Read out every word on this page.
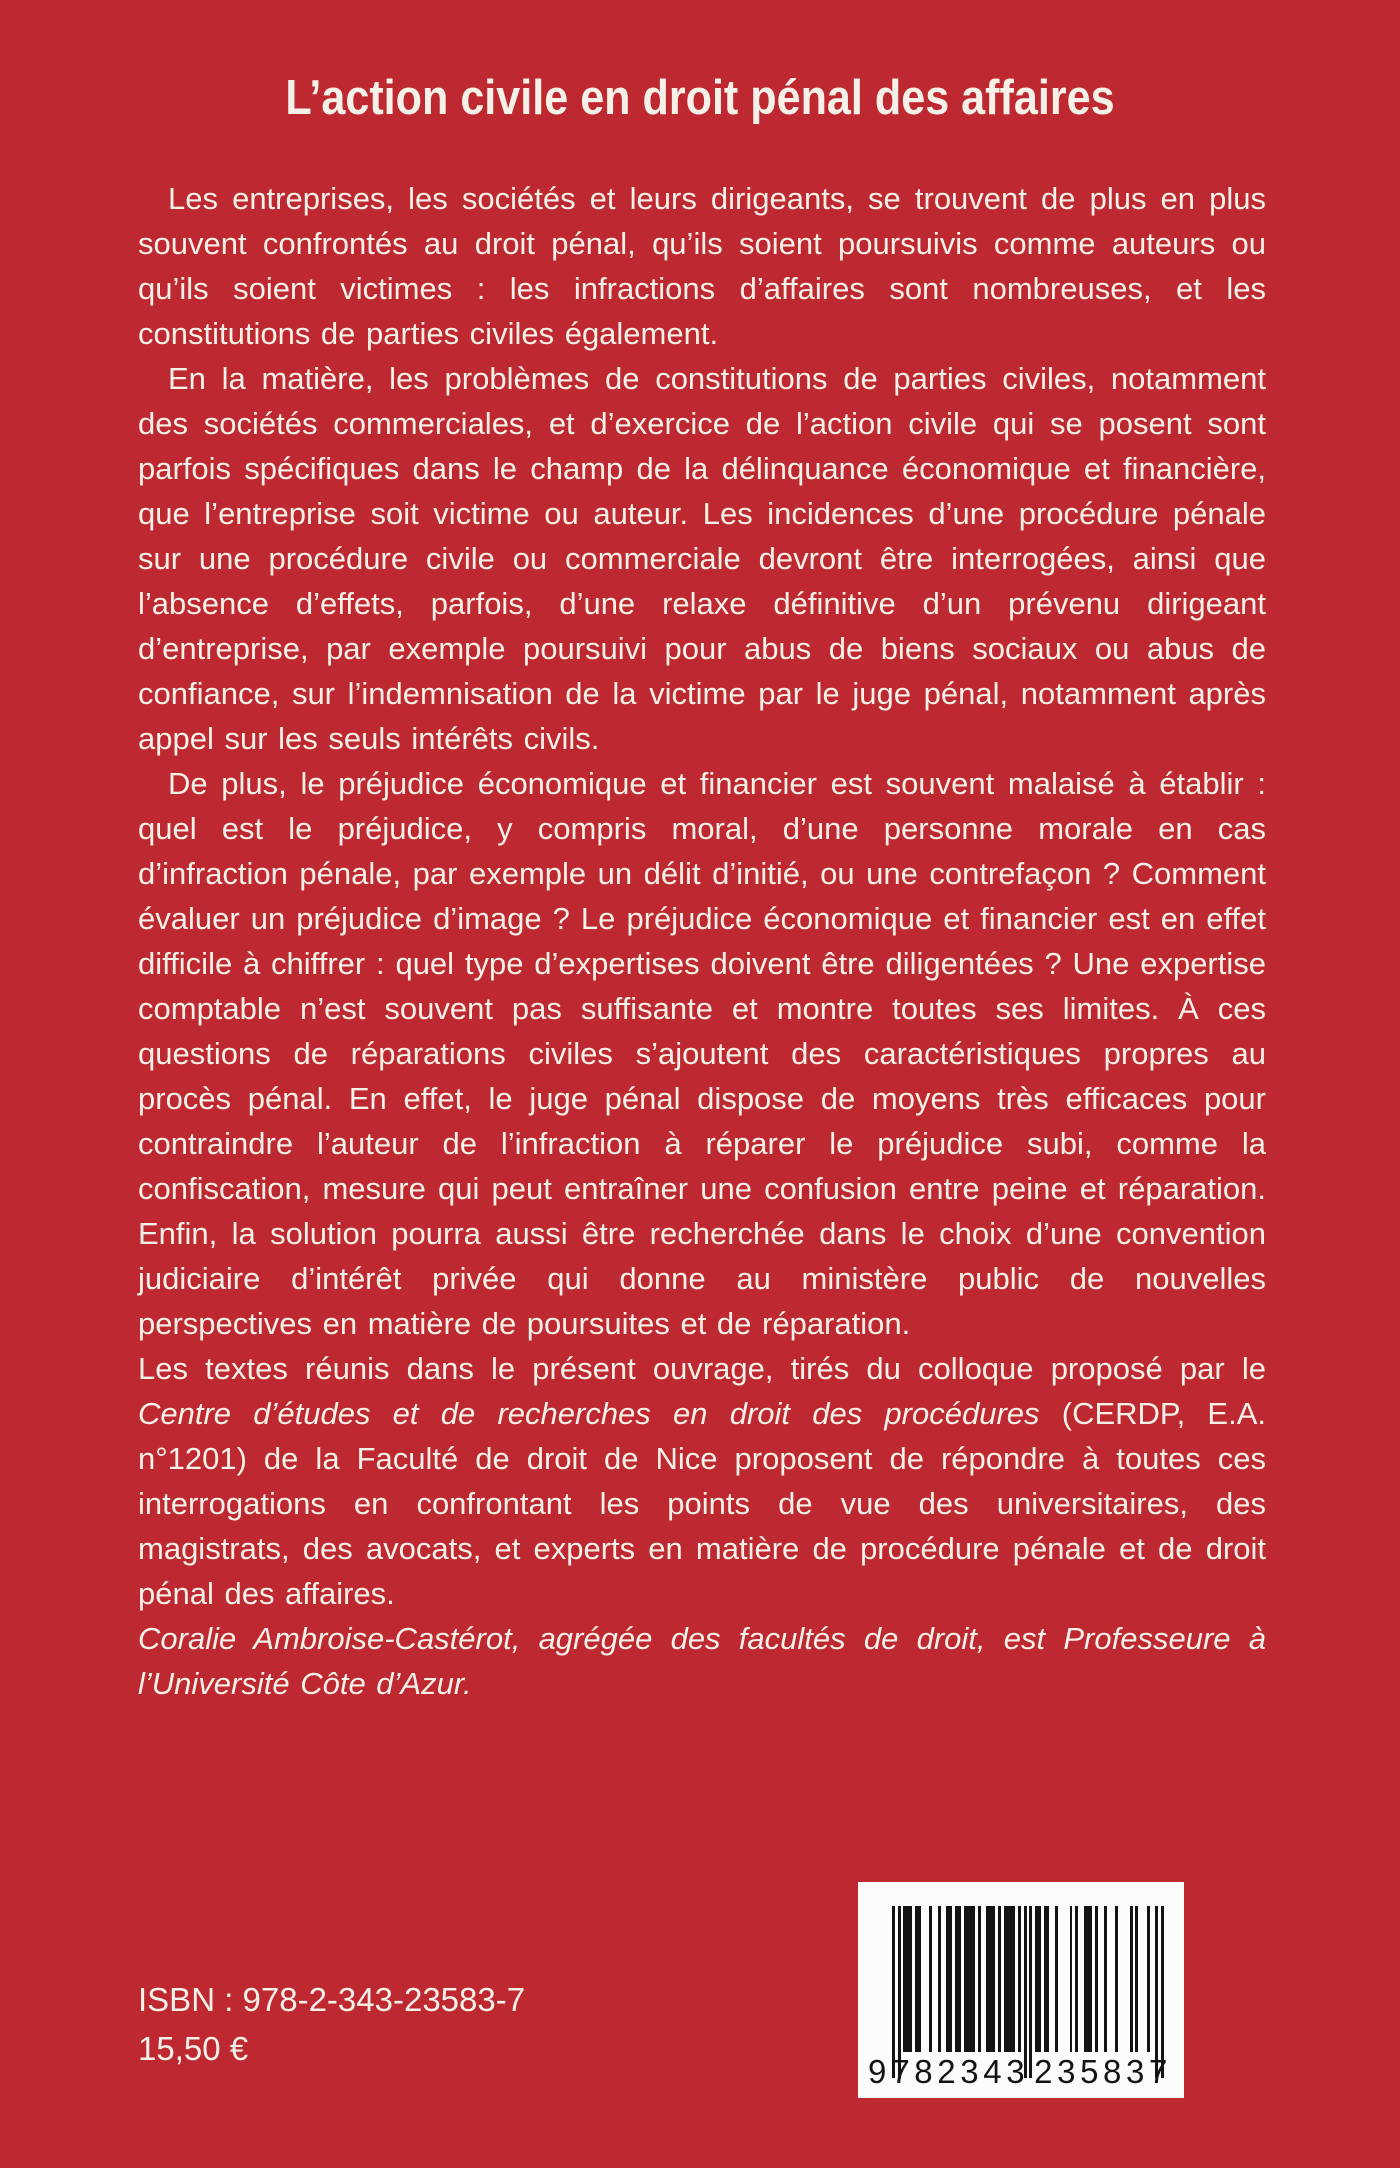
L’action civile en droit pénal des affaires

Les entreprises, les sociétés et leurs dirigeants, se trouvent de plus en plus souvent confrontés au droit pénal, qu’ils soient poursuivis comme auteurs ou qu’ils soient victimes : les infractions d’affaires sont nombreuses, et les constitutions de parties civiles également.

En la matière, les problèmes de constitutions de parties civiles, notamment des sociétés commerciales, et d’exercice de l’action civile qui se posent sont parfois spécifiques dans le champ de la délinquance économique et financière, que l’entreprise soit victime ou auteur. Les incidences d’une procédure pénale sur une procédure civile ou commerciale devront être interrogées, ainsi que l’absence d’effets, parfois, d’une relaxe définitive d’un prévenu dirigeant d’entreprise, par exemple poursuivi pour abus de biens sociaux ou abus de confiance, sur l’indemnisation de la victime par le juge pénal, notamment après appel sur les seuls intérêts civils.

De plus, le préjudice économique et financier est souvent malaisé à établir : quel est le préjudice, y compris moral, d’une personne morale en cas d’infraction pénale, par exemple un délit d’initié, ou une contrefaçon ? Comment évaluer un préjudice d’image ? Le préjudice économique et financier est en effet difficile à chiffrer : quel type d’expertises doivent être diligentées ? Une expertise comptable n’est souvent pas suffisante et montre toutes ses limites. À ces questions de réparations civiles s’ajoutent des caractéristiques propres au procès pénal. En effet, le juge pénal dispose de moyens très efficaces pour contraindre l’auteur de l’infraction à réparer le préjudice subi, comme la confiscation, mesure qui peut entraîner une confusion entre peine et réparation. Enfin, la solution pourra aussi être recherchée dans le choix d’une convention judiciaire d’intérêt privée qui donne au ministère public de nouvelles perspectives en matière de poursuites et de réparation.

Les textes réunis dans le présent ouvrage, tirés du colloque proposé par le Centre d’études et de recherches en droit des procédures (CERDP, E.A. n°1201) de la Faculté de droit de Nice proposent de répondre à toutes ces interrogations en confrontant les points de vue des universitaires, des magistrats, des avocats, et experts en matière de procédure pénale et de droit pénal des affaires.

Coralie Ambroise-Castérot, agrégée des facultés de droit, est Professeure à l’Université Côte d’Azur.

ISBN : 978-2-343-23583-7
15,50 €
9 782343 235837
